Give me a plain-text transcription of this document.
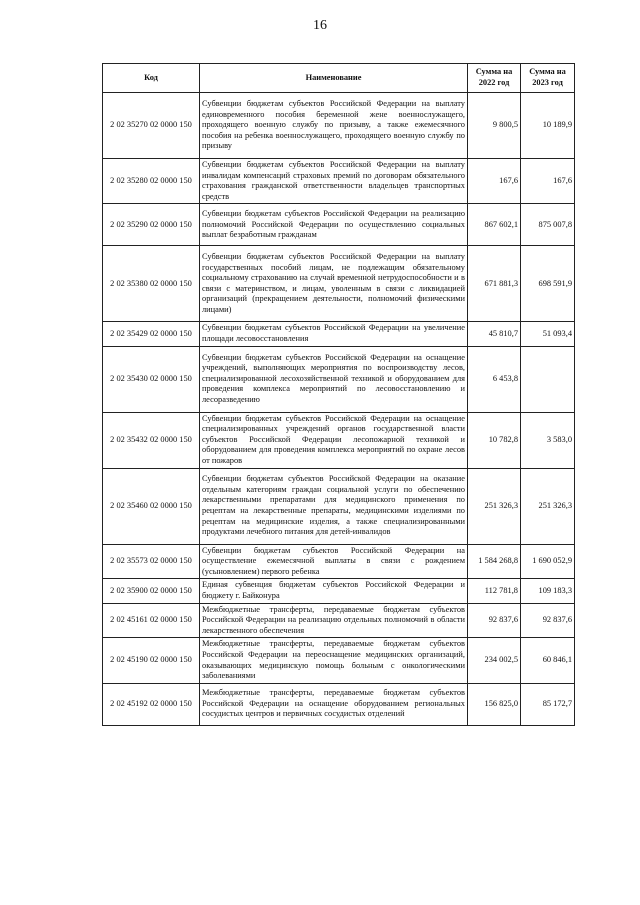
16
Код	Наименование	Сумма на 2022 год	Сумма на 2023 год
2 02 35270 02 0000 150	Субвенции бюджетам субъектов Российской Федерации на выплату единовременного пособия беременной жене военнослужащего, проходящего военную службу по призыву, а также ежемесячного пособия на ребенка военнослужащего, проходящего военную службу по призыву	9 800,5	10 189,9
2 02 35280 02 0000 150	Субвенции бюджетам субъектов Российской Федерации на выплату инвалидам компенсаций страховых премий по договорам обязательного страхования гражданской ответственности владельцев транспортных средств	167,6	167,6
2 02 35290 02 0000 150	Субвенции бюджетам субъектов Российской Федерации на реализацию полномочий Российской Федерации по осуществлению социальных выплат безработным гражданам	867 602,1	875 007,8
2 02 35380 02 0000 150	Субвенции бюджетам субъектов Российской Федерации на выплату государственных пособий лицам, не подлежащим обязательному социальному страхованию на случай временной нетрудоспособности и в связи с материнством, и лицам, уволенным в связи с ликвидацией организаций (прекращением деятельности, полномочий физическими лицами)	671 881,3	698 591,9
2 02 35429 02 0000 150	Субвенции бюджетам субъектов Российской Федерации на увеличение площади лесовосстановления	45 810,7	51 093,4
2 02 35430 02 0000 150	Субвенции бюджетам субъектов Российской Федерации на оснащение учреждений, выполняющих мероприятия по воспроизводству лесов, специализированной лесохозяйственной техникой и оборудованием для проведения комплекса мероприятий по лесовосстановлению и лесоразведению	6 453,8	
2 02 35432 02 0000 150	Субвенции бюджетам субъектов Российской Федерации на оснащение специализированных учреждений органов государственной власти субъектов Российской Федерации лесопожарной техникой и оборудованием для проведения комплекса мероприятий по охране лесов от пожаров	10 782,8	3 583,0
2 02 35460 02 0000 150	Субвенции бюджетам субъектов Российской Федерации на оказание отдельным категориям граждан социальной услуги по обеспечению лекарственными препаратами для медицинского применения по рецептам на лекарственные препараты, медицинскими изделиями по рецептам на медицинские изделия, а также специализированными продуктами лечебного питания для детей-инвалидов	251 326,3	251 326,3
2 02 35573 02 0000 150	Субвенции бюджетам субъектов Российской Федерации на осуществление ежемесячной выплаты в связи с рождением (усыновлением) первого ребенка	1 584 268,8	1 690 052,9
2 02 35900 02 0000 150	Единая субвенция бюджетам субъектов Российской Федерации и бюджету г. Байконура	112 781,8	109 183,3
2 02 45161 02 0000 150	Межбюджетные трансферты, передаваемые бюджетам субъектов Российской Федерации на реализацию отдельных полномочий в области лекарственного обеспечения	92 837,6	92 837,6
2 02 45190 02 0000 150	Межбюджетные трансферты, передаваемые бюджетам субъектов Российской Федерации на переоснащение медицинских организаций, оказывающих медицинскую помощь больным с онкологическими заболеваниями	234 002,5	60 846,1
2 02 45192 02 0000 150	Межбюджетные трансферты, передаваемые бюджетам субъектов Российской Федерации на оснащение оборудованием региональных сосудистых центров и первичных сосудистых отделений	156 825,0	85 172,7
